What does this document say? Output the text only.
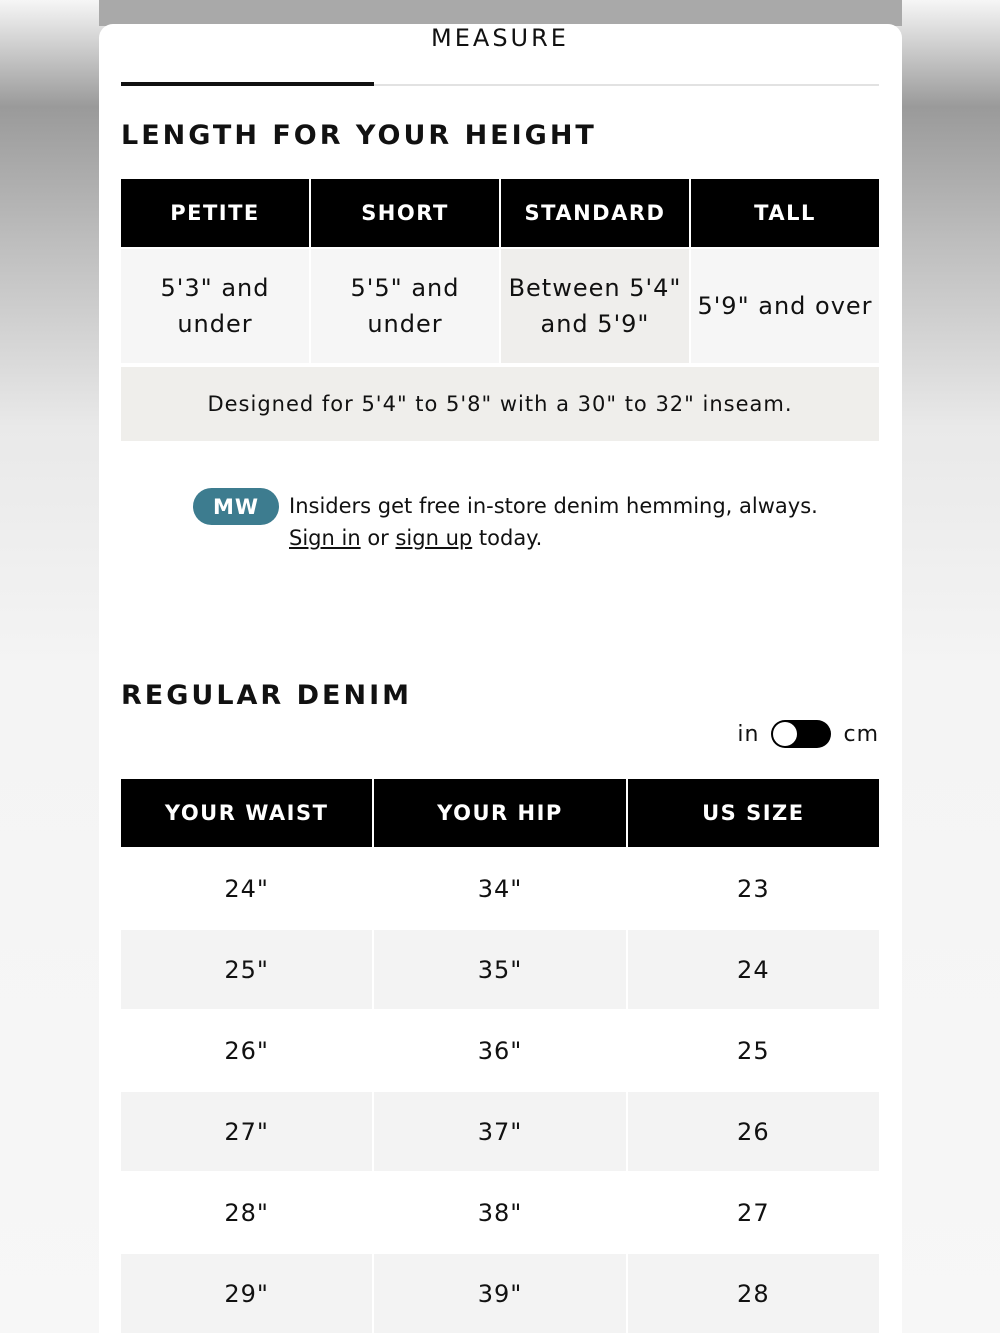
MEASURE
LENGTH FOR YOUR HEIGHT
PETITE	SHORT	STANDARD	TALL
5'3" and under	5'5" and under	Between 5'4" and 5'9"	5'9" and over
Designed for 5'4" to 5'8" with a 30" to 32" inseam.
MW	Insiders get free in-store denim hemming, always.
Sign in or sign up today.
REGULAR DENIM
in	cm
YOUR WAIST	YOUR HIP	US SIZE
24"	34"	23
25"	35"	24
26"	36"	25
27"	37"	26
28"	38"	27
29"	39"	28
